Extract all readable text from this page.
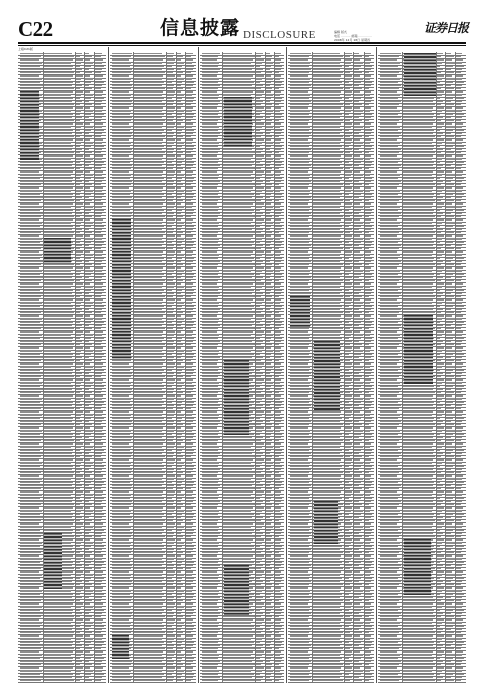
C22	信息披露 DISCLOSURE	编辑 版式
电话 ·········· 邮箱 ··············
2008年 12月 18日 星期四
证券日报
上接C21版
